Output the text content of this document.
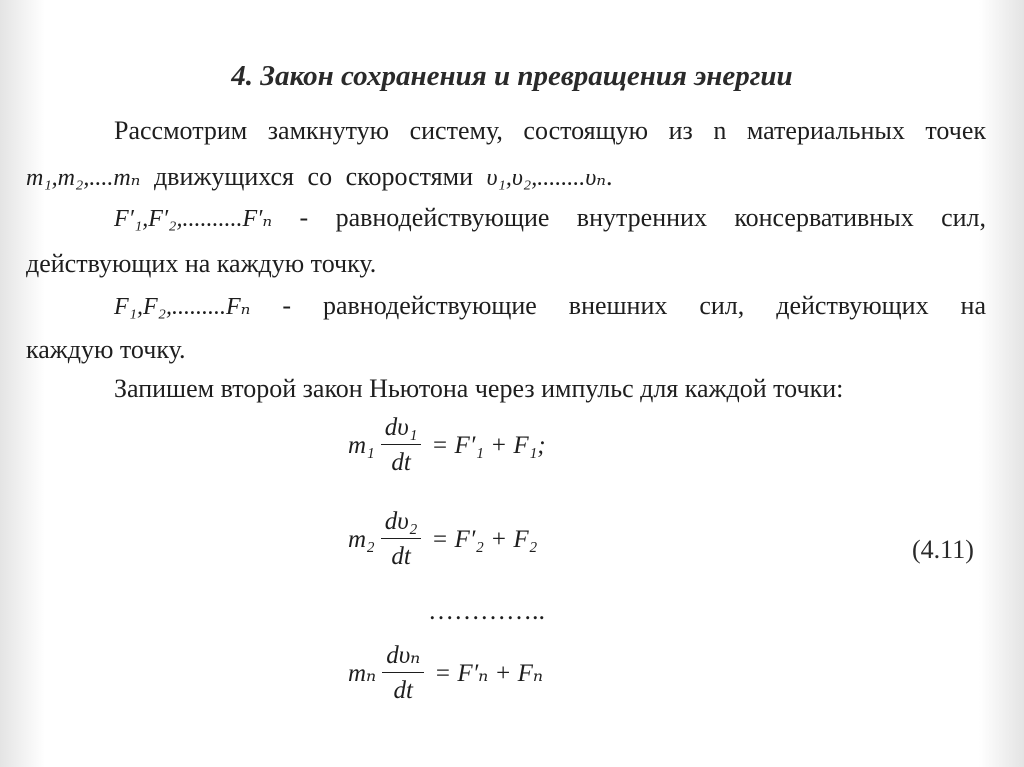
4. Закон сохранения и превращения энергии
Рассмотрим замкнутую систему, состоящую из n материальных точек
m₁,m₂,....mₙ движущихся со скоростями υ₁,υ₂,........υₙ.
F′₁,F′₂,..........F′ₙ - равнодействующие внутренних консервативных сил,
действующих на каждую точку.
F₁,F₂,.........Fₙ - равнодействующие внешних сил, действующих на
каждую точку.
Запишем второй закон Ньютона через импульс для каждой точки:
$m_1 \frac{\text{dυ₁}}{dt} = F'_1 + F_1$;
$m_2 \frac{\text{dυ₂}}{dt} = F'_2 + F_2$	(4.11)
…………..
mₙ $\frac{\text{dυₙ}}{dt} = F'_n + F_n$
